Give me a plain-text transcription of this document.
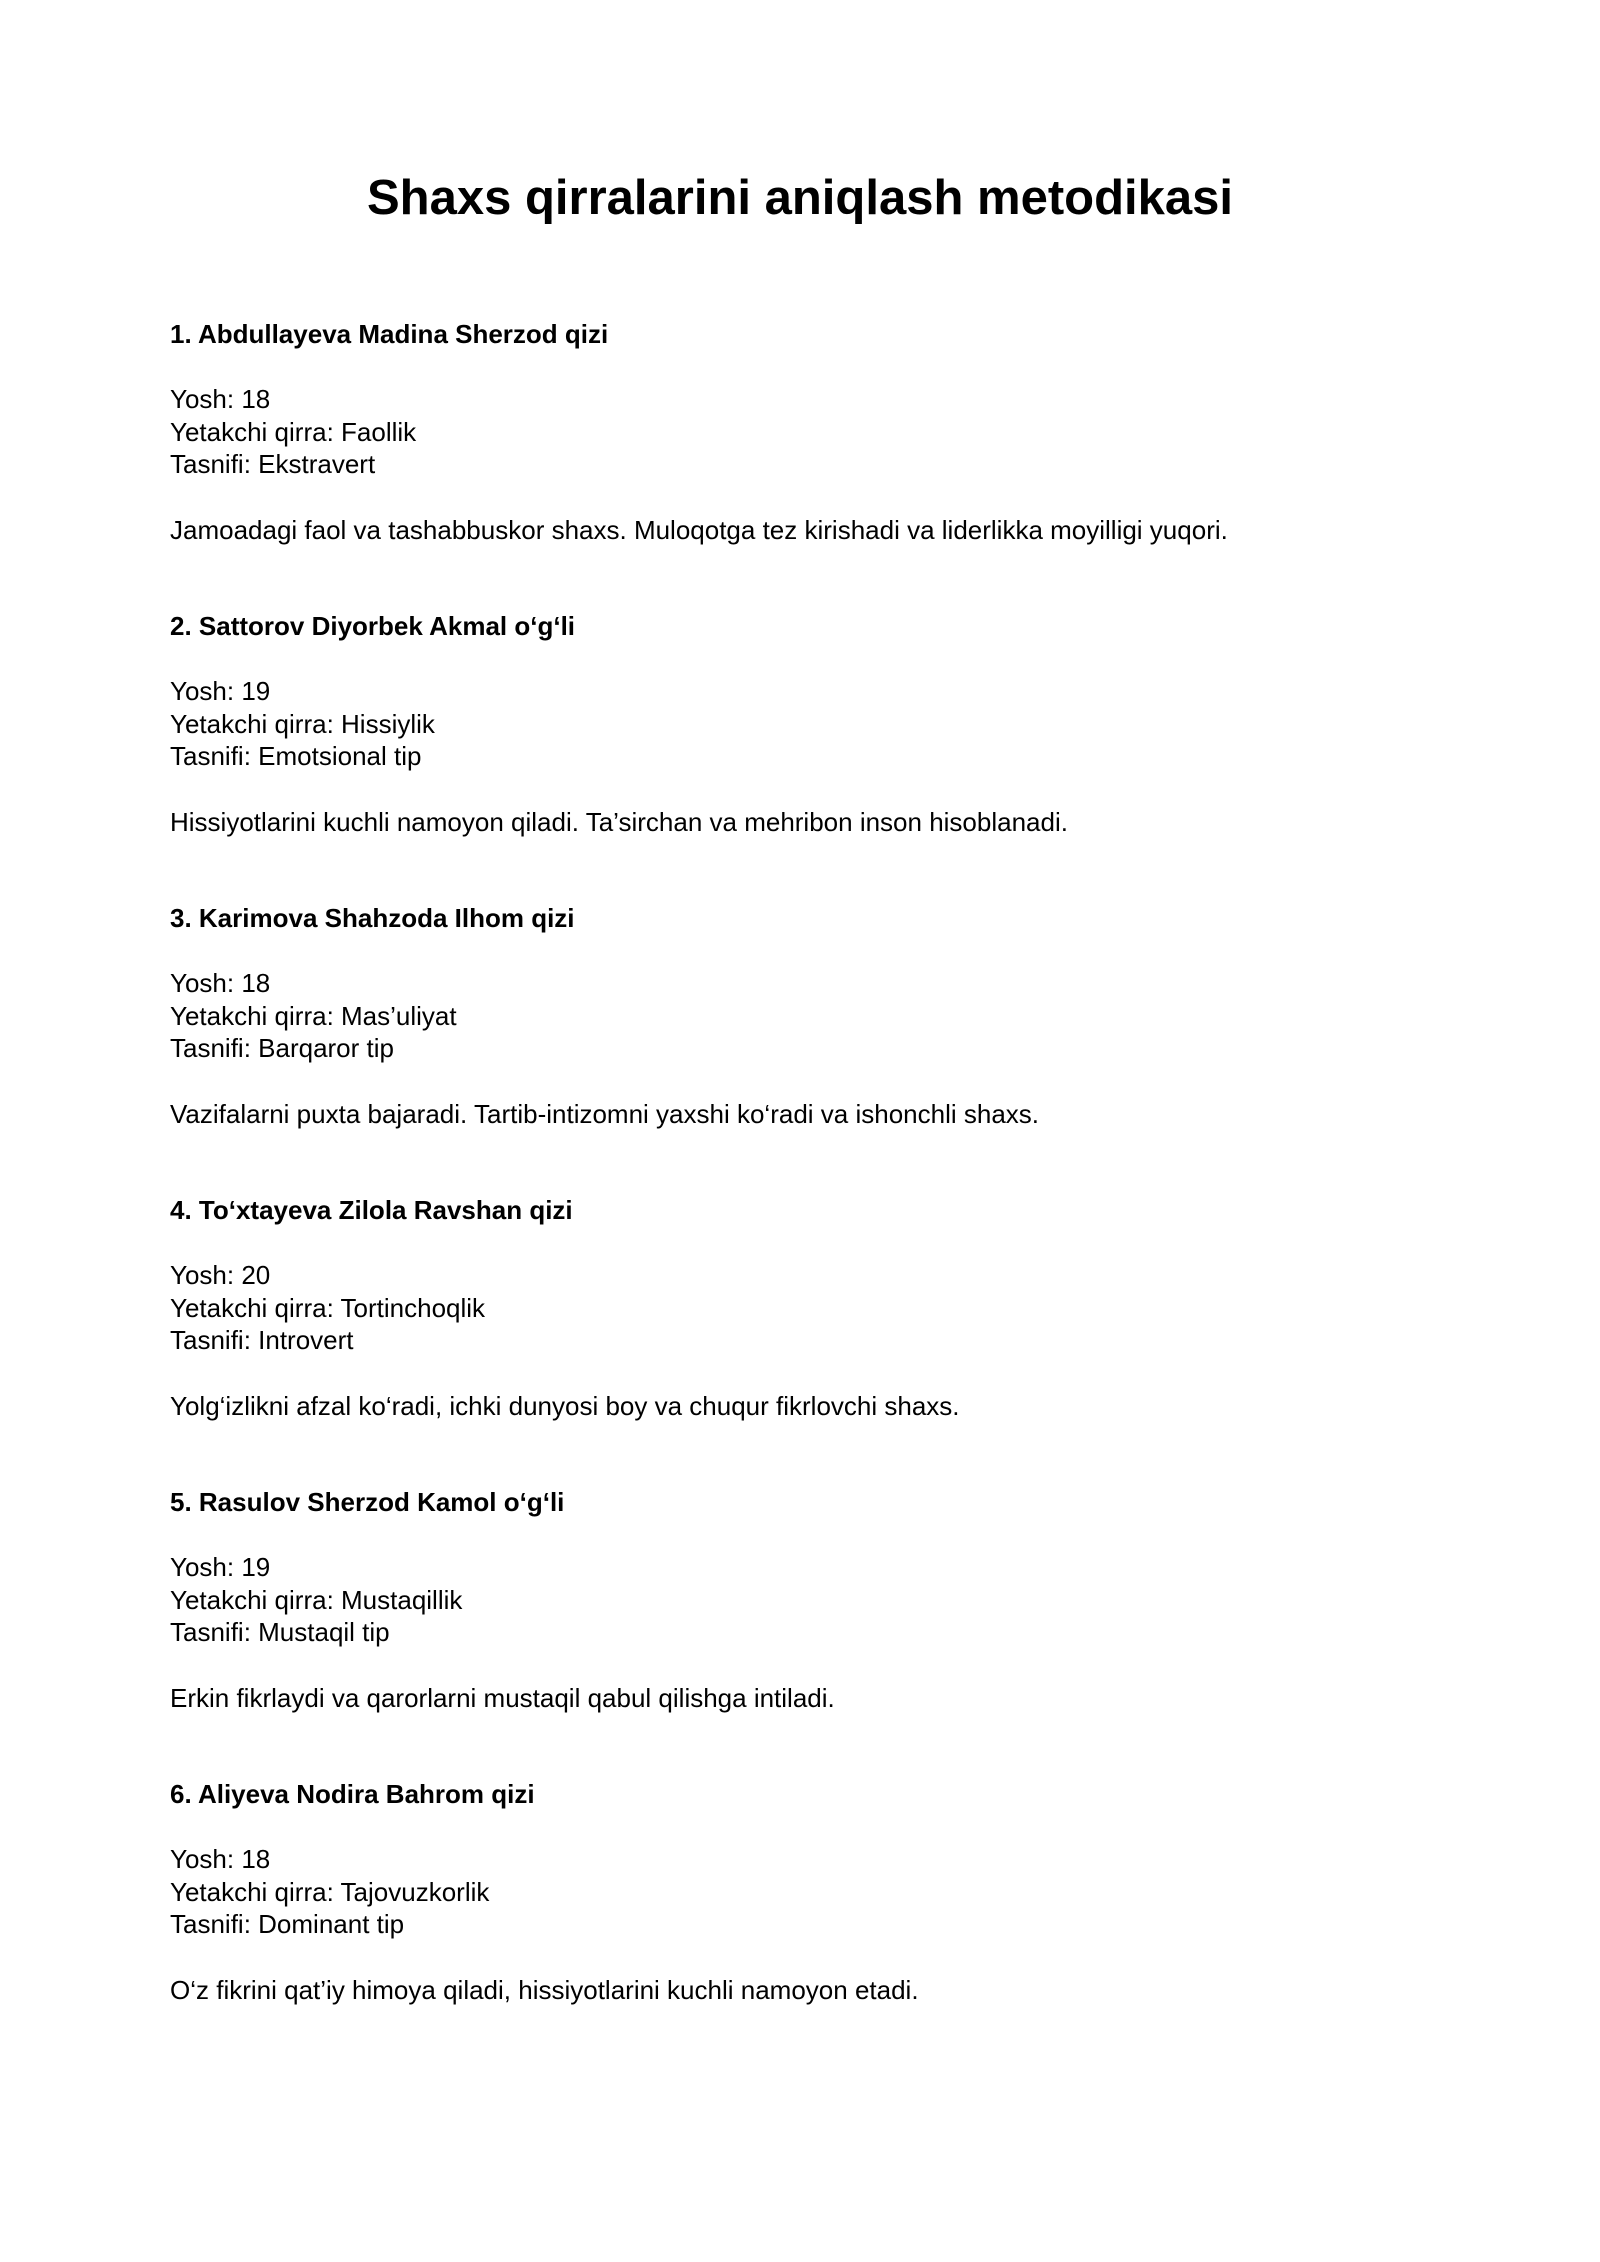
Shaxs qirralarini aniqlash metodikasi
1. Abdullayeva Madina Sherzod qizi
Yosh: 18
Yetakchi qirra: Faollik
Tasnifi: Ekstravert
Jamoadagi faol va tashabbuskor shaxs. Muloqotga tez kirishadi va liderlikka moyilligi yuqori.
2. Sattorov Diyorbek Akmal o‘g‘li
Yosh: 19
Yetakchi qirra: Hissiylik
Tasnifi: Emotsional tip
Hissiyotlarini kuchli namoyon qiladi. Ta’sirchan va mehribon inson hisoblanadi.
3. Karimova Shahzoda Ilhom qizi
Yosh: 18
Yetakchi qirra: Mas’uliyat
Tasnifi: Barqaror tip
Vazifalarni puxta bajaradi. Tartib-intizomni yaxshi ko‘radi va ishonchli shaxs.
4. To‘xtayeva Zilola Ravshan qizi
Yosh: 20
Yetakchi qirra: Tortinchoqlik
Tasnifi: Introvert
Yolg‘izlikni afzal ko‘radi, ichki dunyosi boy va chuqur fikrlovchi shaxs.
5. Rasulov Sherzod Kamol o‘g‘li
Yosh: 19
Yetakchi qirra: Mustaqillik
Tasnifi: Mustaqil tip
Erkin fikrlaydi va qarorlarni mustaqil qabul qilishga intiladi.
6. Aliyeva Nodira Bahrom qizi
Yosh: 18
Yetakchi qirra: Tajovuzkorlik
Tasnifi: Dominant tip
O‘z fikrini qat’iy himoya qiladi, hissiyotlarini kuchli namoyon etadi.
